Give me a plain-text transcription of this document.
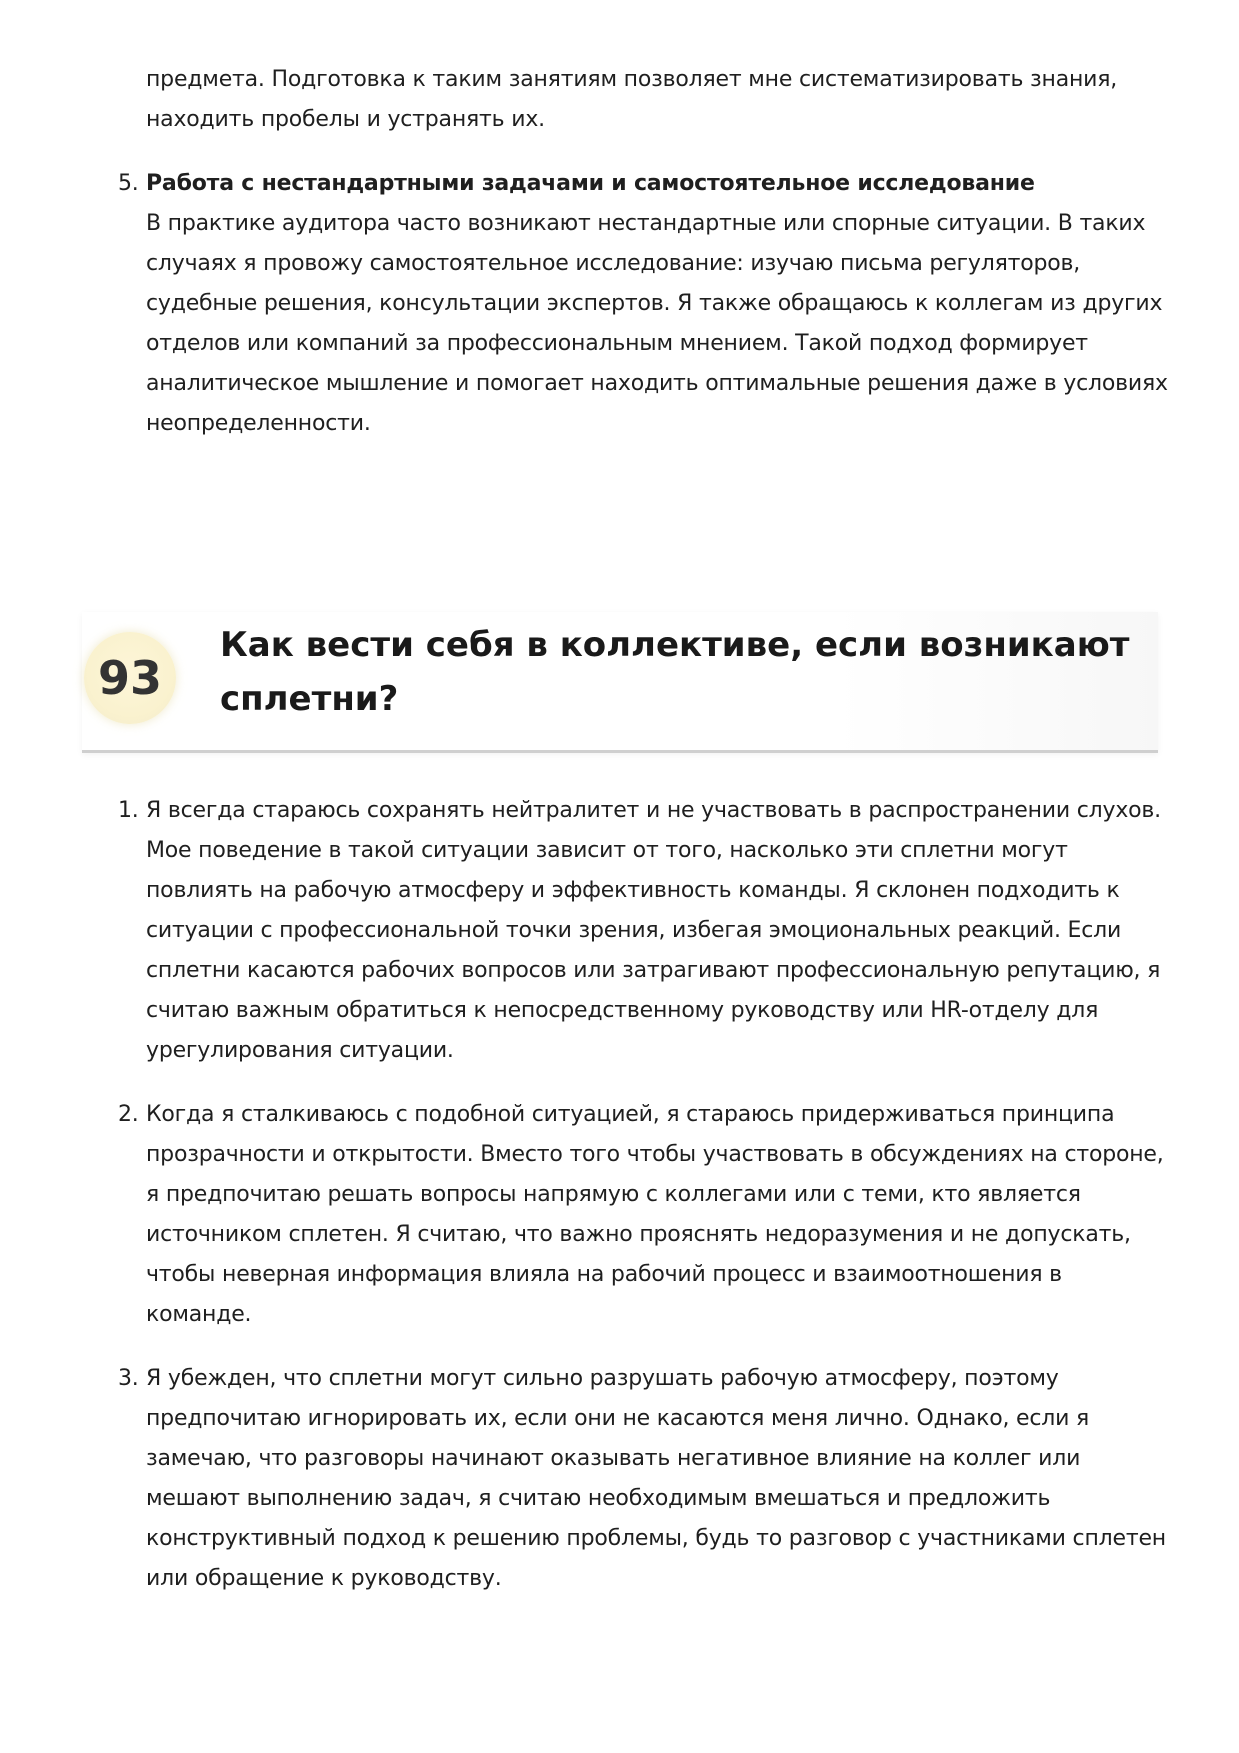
предмета. Подготовка к таким занятиям позволяет мне систематизировать знания,

находить пробелы и устранять их.

5. Работа с нестандартными задачами и самостоятельное исследование
В практике аудитора часто возникают нестандартные или спорные ситуации. В таких случаях я провожу самостоятельное исследование: изучаю письма регуляторов, судебные решения, консультации экспертов. Я также обращаюсь к коллегам из других отделов или компаний за профессиональным мнением. Такой подход формирует аналитическое мышление и помогает находить оптимальные решения даже в условиях неопределенности.
93
Как вести себя в коллективе, если возникают сплетни?
1. Я всегда стараюсь сохранять нейтралитет и не участвовать в распространении слухов. Мое поведение в такой ситуации зависит от того, насколько эти сплетни могут повлиять на рабочую атмосферу и эффективность команды. Я склонен подходить к ситуации с профессиональной точки зрения, избегая эмоциональных реакций. Если сплетни касаются рабочих вопросов или затрагивают профессиональную репутацию, я считаю важным обратиться к непосредственному руководству или HR-отделу для урегулирования ситуации.
2. Когда я сталкиваюсь с подобной ситуацией, я стараюсь придерживаться принципа прозрачности и открытости. Вместо того чтобы участвовать в обсуждениях на стороне, я предпочитаю решать вопросы напрямую с коллегами или с теми, кто является источником сплетен. Я считаю, что важно прояснять недоразумения и не допускать, чтобы неверная информация влияла на рабочий процесс и взаимоотношения в команде.
3. Я убежден, что сплетни могут сильно разрушать рабочую атмосферу, поэтому предпочитаю игнорировать их, если они не касаются меня лично. Однако, если я замечаю, что разговоры начинают оказывать негативное влияние на коллег или мешают выполнению задач, я считаю необходимым вмешаться и предложить конструктивный подход к решению проблемы, будь то разговор с участниками сплетен или обращение к руководству.
